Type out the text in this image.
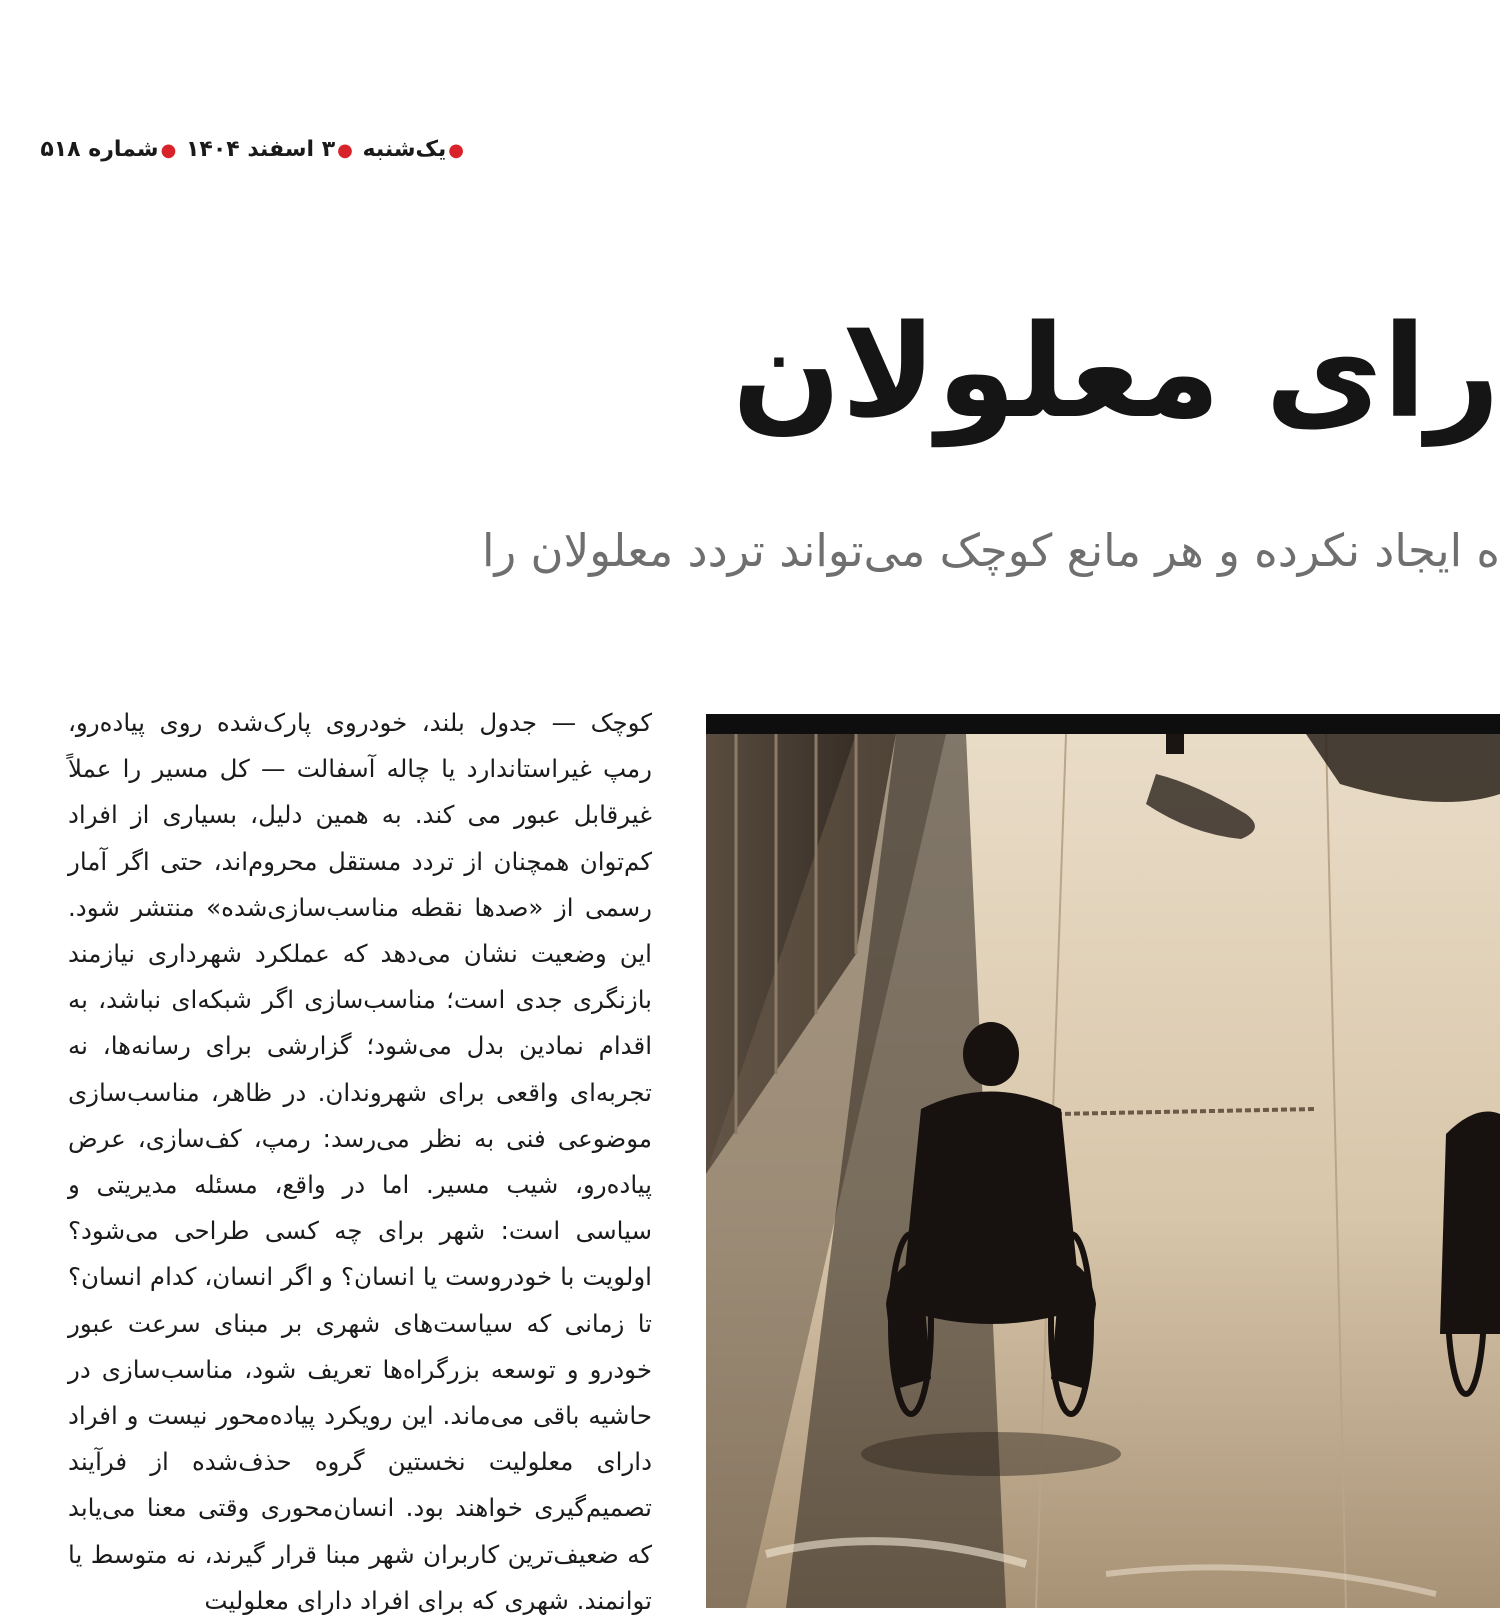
●یک‌شنبه ●۳ اسفند ۱۴۰۴ ●شماره ۵۱۸
رای معلولان
ه ایجاد نکرده و هر مانع کوچک می‌تواند تردد معلولان را
کوچک — جدول بلند، خودروی پارک‌شده روی پیاده‌رو، رمپ غیراستاندارد یا چاله آسفالت — کل مسیر را عملاً غیرقابل عبور می کند. به همین دلیل، بسیاری از افراد کم‌توان همچنان از تردد مستقل محروم‌اند، حتی اگر آمار رسمی از «صدها نقطه مناسب‌سازی‌شده» منتشر شود. این وضعیت نشان می‌دهد که عملکرد شهرداری نیازمند بازنگری جدی است؛ مناسب‌سازی اگر شبکه‌ای نباشد، به اقدام نمادین بدل می‌شود؛ گزارشی برای رسانه‌ها، نه تجربه‌ای واقعی برای شهروندان. در ظاهر، مناسب‌سازی موضوعی فنی به نظر می‌رسد: رمپ، کف‌سازی، عرض پیاده‌رو، شیب مسیر. اما در واقع، مسئله مدیریتی و سیاسی است: شهر برای چه کسی طراحی می‌شود؟ اولویت با خودروست یا انسان؟ و اگر انسان، کدام انسان؟ تا زمانی که سیاست‌های شهری بر مبنای سرعت عبور خودرو و توسعه بزرگراه‌ها تعریف شود، مناسب‌سازی در حاشیه باقی می‌ماند. این رویکرد پیاده‌محور نیست و افراد دارای معلولیت نخستین گروه حذف‌شده از فرآیند تصمیم‌گیری خواهند بود. انسان‌محوری وقتی معنا می‌یابد که ضعیف‌ترین کاربران شهر مبنا قرار گیرند، نه متوسط یا توانمند. شهری که برای افراد دارای معلولیت
